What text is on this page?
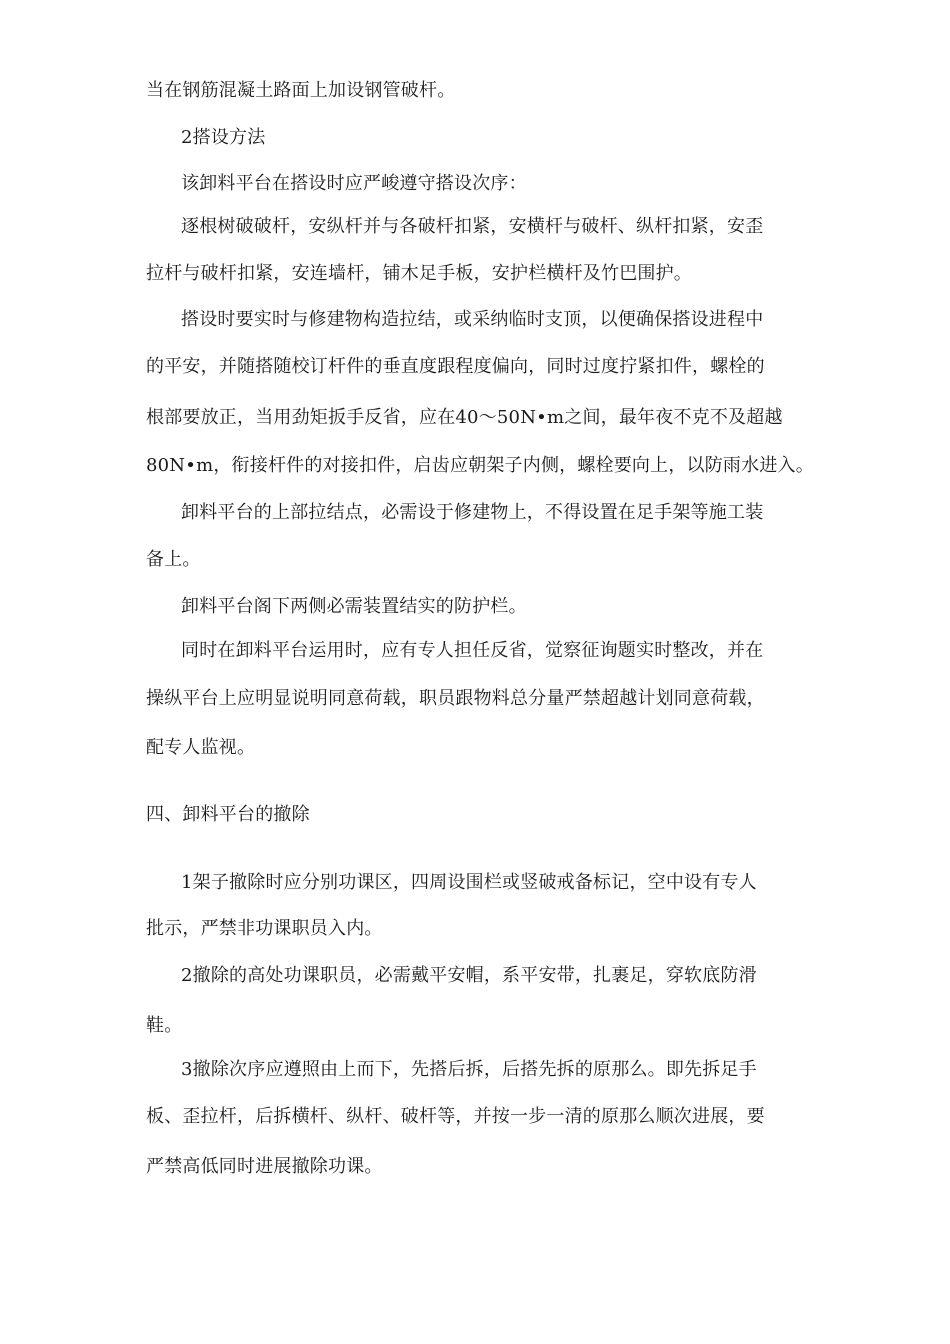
当在钢筋混凝土路面上加设钢管破杆。
2搭设方法
该卸料平台在搭设时应严峻遵守搭设次序：
逐根树破破杆，安纵杆并与各破杆扣紧，安横杆与破杆、纵杆扣紧，安歪
拉杆与破杆扣紧，安连墙杆，铺木足手板，安护栏横杆及竹巴围护。
搭设时要实时与修建物构造拉结，或采纳临时支顶，以便确保搭设进程中
的平安，并随搭随校订杆件的垂直度跟程度偏向，同时过度拧紧扣件，螺栓的
根部要放正，当用劲矩扳手反省，应在40～50N•m之间，最年夜不克不及超越
80N•m，衔接杆件的对接扣件，启齿应朝架子内侧，螺栓要向上，以防雨水进入。
卸料平台的上部拉结点，必需设于修建物上，不得设置在足手架等施工装
备上。
卸料平台阁下两侧必需装置结实的防护栏。
同时在卸料平台运用时，应有专人担任反省，觉察征询题实时整改，并在
操纵平台上应明显说明同意荷载，职员跟物料总分量严禁超越计划同意荷载，
配专人监视。
四、卸料平台的撤除
1架子撤除时应分别功课区，四周设围栏或竖破戒备标记，空中设有专人
批示，严禁非功课职员入内。
2撤除的高处功课职员，必需戴平安帽，系平安带，扎裹足，穿软底防滑
鞋。
3撤除次序应遵照由上而下，先搭后拆，后搭先拆的原那么。即先拆足手
板、歪拉杆，后拆横杆、纵杆、破杆等，并按一步一清的原那么顺次进展，要
严禁高低同时进展撤除功课。
